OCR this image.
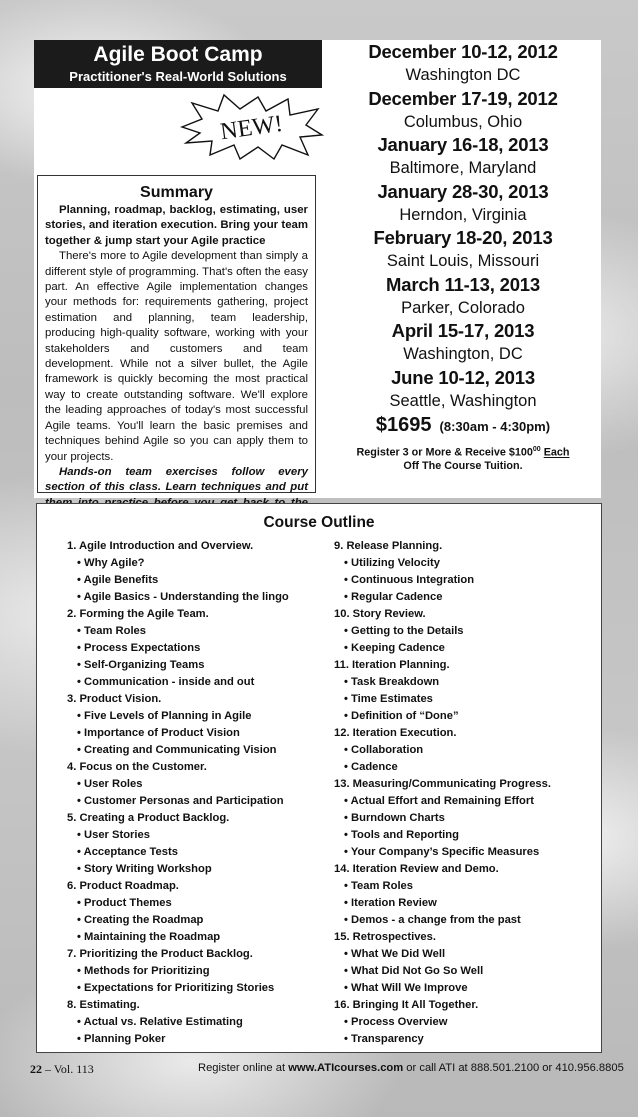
Agile Boot Camp
Practitioner's Real-World Solutions
NEW!
Summary

Planning, roadmap, backlog, estimating, user stories, and iteration execution. Bring your team together & jump start your Agile practice

There's more to Agile development than simply a different style of programming. That's often the easy part. An effective Agile implementation changes your methods for: requirements gathering, project estimation and planning, team leadership, producing high-quality software, working with your stakeholders and customers and team development. While not a silver bullet, the Agile framework is quickly becoming the most practical way to create outstanding software. We'll explore the leading approaches of today's most successful Agile teams. You'll learn the basic premises and techniques behind Agile so you can apply them to your projects.

Hands-on team exercises follow every section of this class. Learn techniques and put

December 10-12, 2012
Washington DC
December 17-19, 2012
Columbus, Ohio
January 16-18, 2013
Baltimore, Maryland
January 28-30, 2013
Herndon, Virginia
February 18-20, 2013
Saint Louis, Missouri
March 11-13, 2013
Parker, Colorado
April 15-17, 2013
Washington, DC
June 10-12, 2013
Seattle, Washington
$1695 (8:30am - 4:30pm)
Register 3 or More & Receive $\$100^{00}$ Each
Off The Course Tuition.
Course Outline
1. Agile Introduction and Overview.
• Why Agile?
• Agile Benefits
• Agile Basics - Understanding the lingo
2. Forming the Agile Team.
• Team Roles
• Process Expectations
• Self-Organizing Teams
• Communication - inside and out
3. Product Vision.
• Five Levels of Planning in Agile
• Importance of Product Vision
• Creating and Communicating Vision
4. Focus on the Customer.
• User Roles
• Customer Personas and Participation
5. Creating a Product Backlog.
• User Stories
• Acceptance Tests
• Story Writing Workshop
6. Product Roadmap.
• Product Themes
• Creating the Roadmap
• Maintaining the Roadmap
7. Prioritizing the Product Backlog.
• Methods for Prioritizing
• Expectations for Prioritizing Stories
8. Estimating.
• Actual vs. Relative Estimating
• Planning Poker
9. Release Planning.
• Utilizing Velocity
• Continuous Integration
• Regular Cadence
10. Story Review.
• Getting to the Details
• Keeping Cadence
11. Iteration Planning.
• Task Breakdown
• Time Estimates
• Definition of “Done”
12. Iteration Execution.
• Collaboration
• Cadence
13. Measuring/Communicating Progress.
• Actual Effort and Remaining Effort
• Burndown Charts
• Tools and Reporting
• Your Company’s Specific Measures
14. Iteration Review and Demo.
• Team Roles
• Iteration Review
• Demos - a change from the past
15. Retrospectives.
• What We Did Well
• What Did Not Go So Well
• What Will We Improve
16. Bringing It All Together.
• Process Overview
• Transparency
22 – Vol. 113	Register online at www.ATIcourses.com or call ATI at 888.501.2100 or 410.956.8805
